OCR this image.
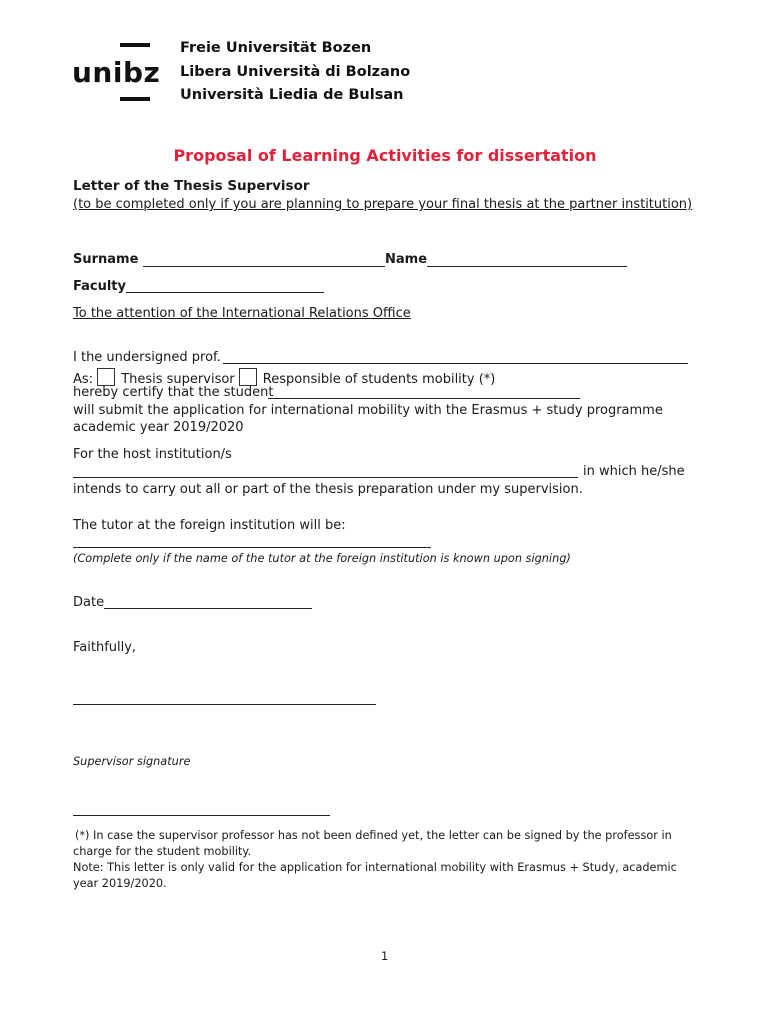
unibz
Freie Universität Bozen
Libera Università di Bolzano
Università Liedia de Bulsan
Proposal of Learning Activities for dissertation
Letter of the Thesis Supervisor
(to be completed only if you are planning to prepare your final thesis at the partner institution)
Surname	Name
Faculty
To the attention of the International Relations Office
I the undersigned prof.
As: Thesis supervisor Responsible of students mobility (*)
hereby certify that the student
will submit the application for international mobility with the Erasmus + study programme
academic year 2019/2020
For the host institution/s
in which he/she
intends to carry out all or part of the thesis preparation under my supervision.
The tutor at the foreign institution will be:
(Complete only if the name of the tutor at the foreign institution is known upon signing)
Date
Faithfully,
Supervisor signature
(*) In case the supervisor professor has not been defined yet, the letter can be signed by the professor in
charge for the student mobility.
Note: This letter is only valid for the application for international mobility with Erasmus + Study, academic
year 2019/2020.
1
